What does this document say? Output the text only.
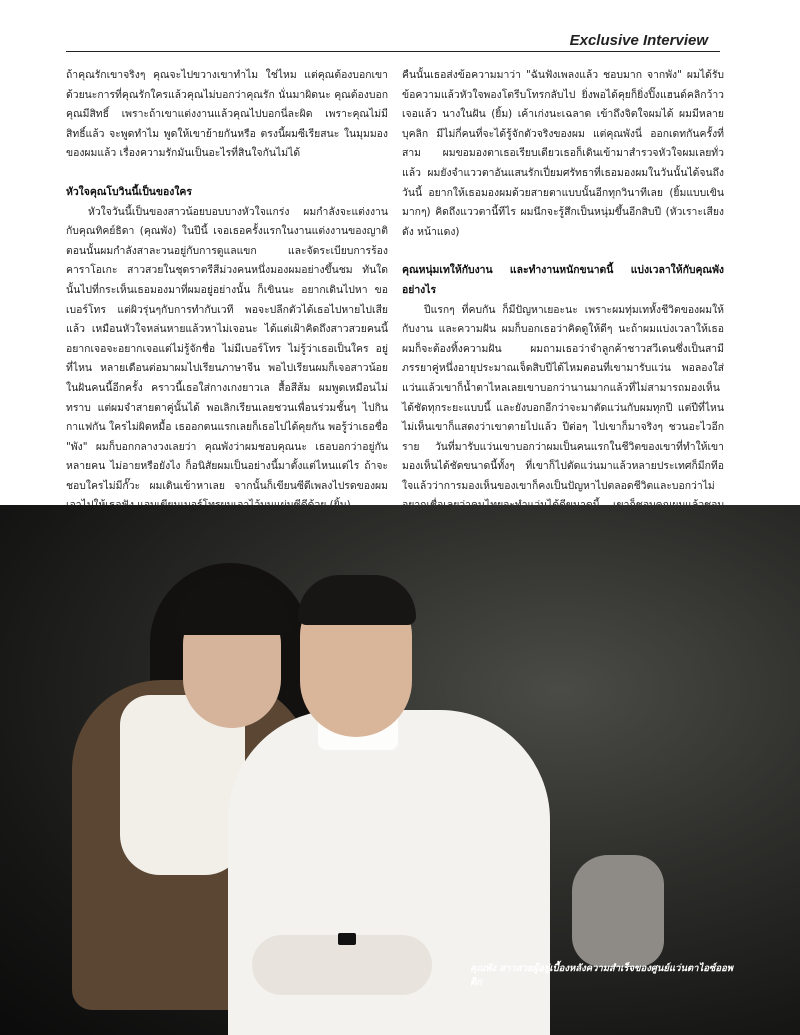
Exclusive Interview

ถ้าคุณรักเขาจริงๆ คุณจะไปขวางเขาทำไม ใช่ไหม แต่คุณต้องบอกเขาด้วยนะการที่คุณรักใครแล้วคุณไม่บอกว่าคุณรัก นั่นมาผิดนะ คุณต้องบอก คุณมีสิทธิ์ เพราะถ้าเขาแต่งงานแล้วคุณไปบอกนี่ละผิด เพราะคุณไม่มีสิทธิ์แล้ว จะพูดทำไม พูดให้เขาย้ายกันหรือ ตรงนี้ผมซีเรียสนะ ในมุมมองของผมแล้ว เรื่องความรักมันเป็นอะไรที่สินใจกันไม่ได้

หัวใจคุณโบวินนี้เป็นของใคร

หัวใจวันนี้เป็นของสาวน้อยบอบบางหัวใจแกร่ง ผมกำลังจะแต่งงานกับคุณทิคย์ธิดา (คุณพัง) ในปีนี้ เจอเธอครั้งแรกในงานแต่งงานของญาติ ตอนนั้นผมกำลังสาละวนอยู่กับการดูแลแขก และจัดระเบียบการร้องคาราโอเกะ สาวสวยในชุดราตรีสีม่วงคนหนึ่งมองผมอย่างขึ้นชม ทันใดนั้นไปที่กระเห็นเธอมองมาที่ผมอยู่อย่างนั้น ก็เขินนะ อยากเดินไปหา ขอเบอร์โทร แต่ผิวรุ่นๆกับการทำกับเวที พอจะปลีกตัวได้เธอไปหายไปเสียแล้ว เหมือนหัวใจหล่นหายแล้วหาไม่เจอนะ ได้แต่เฝ้าคิดถึงสาวสวยคนนี้ อยากเจอจะอยากเจอแต่ไม่รู้จักชื่อ ไม่มีเบอร์โทร ไม่รู้ว่าเธอเป็นใคร อยู่ที่ไหน หลายเดือนต่อมาผมไปเรียนภาษาจีน พอไปเรียนผมก็เจอสาวน้อยในฝันคนนี้อีกครั้ง คราวนี้เธอใส่กางเกงยาวเล สื้อสีส้ม ผมพูดเหมือนไม่ทราบ แต่ผมจำสายตาคู่นั้นได้ พอเลิกเรียนเลยชวนเพื่อนร่วมชั้นๆ ไปกินกาแฟกัน ใครไม่ผิดหมื้อ เธออกตนแรกเลยก็เธอไปได้คุยกัน พอรู้ว่าเธอชื่อ "พัง" ผมก็บอกกลางวงเลยว่า คุณพังว่าผมชอบคุณนะ เธอบอกว่าอยู่กันหลายคน ไม่อายหรือยังไง ก็อนิสัยผมเป็นอย่างนี้มาตั้งแต่ไหนแต่ไร ถ้าจะชอบใครไม่มีกั๊วะ ผมเดินเข้าหาเลย จากนั้นก็เขียนซีดีเพลงไปรดของผม

คืนนั้นเธอส่งข้อความมาว่า "ฉันฟังเพลงแล้ว ชอบมาก จากพัง" ผมได้รับข้อความแล้วหัวใจพองโตรีบโทรกลับไป ยิ่งพอได้คุยก็ยิ่งปิ๊งแฮนด์คลิกว้าว เจอแล้ว นางในฝัน (ยิ้ม) เค้าเก่งนะเฉลาด เข้าถึงจิตใจผมได้ ผมมีหลายบุคลิก มีไม่กี่คนที่จะได้รู้จักตัวจริงของผม แต่คุณพังนี่ ออกเดทกันครั้งที่สาม ผมขอมองตาเธอเรียบเดียวเธอก็เดินเข้ามาสำรวจหัวใจผมเลยทั่วแล้ว ผมยังจำแววตาอันแสนรักเปี่ยมศรัทธาที่เธอมองผมในวันนั้นได้จนถึงวันนี้ อยากให้เธอมองผมด้วยสายตาแบบนั้นอีกทุกวินาทีเลย (ยิ้มแบบเขินมากๆ) คิดถึงแววตานี้ทีไร ผมนึกจะรู้สึกเป็นหนุ่มขึ้นอีกสิบปี (หัวเราะเสียงดัง หน้าแดง)

คุณหนุ่มเทให้กับงาน และทำงานหนักขนาดนี้ แบ่งเวลาให้กับคุณพังอย่างไร

ปีแรกๆ ที่คบกัน ก็มีปัญหาเยอะนะ เพราะผมทุ่มเทหั้งชีวิตของผมให้กับงาน และความฝัน ผมก็บอกเธอว่าคิดดูให้ดีๆ นะถ้าผมแบ่งเวลาให้เธอ ผมก็จะต้องทิ้งความฝัน ผมถามเธอว่าจำลูกค้าชาวสวีเดนซึ่งเป็นสามีภรรยาคู่หนึ่งอายุประมาณเจ็ดสิบปีได้ไหมตอนที่เขามารับแว่น พอลองใส่แว่นแล้วเขาก็น้ำตาไหลเลยเขาบอกว่านานมากแล้วที่ไม่สามารถมองเห็นได้ชัดทุกระยะแบบนี้ และยังบอกอีกว่าจะมาตัดแว่นกับผมทุกปี แต่ปีที่ไหนไม่เห็นเขาก็แสดงว่าเขาตายไปแล้ว ปีต่อๆ ไปเขาก็มาจริงๆ ชวนอะไวอีกราย วันที่มารับแว่นเขาบอกว่าผมเป็นคนแรกในชีวิตของเขาที่ทำให้เขามองเห็นได้ชัดขนาดนี้ทั้งๆ ที่เขาก็ไปตัดแว่นมาแล้วหลายประเทศก็มีกทีอใจแล้วว่าการมองเห็นของเขาก็คงเป็นปัญหาไปตลอดชีวิตและบอกว่าไม่

คุณพัง สาวสวยผู้อยู่เบื้องหลังความสำเร็จของศูนย์แว่นตาไอซ์ออพติก
